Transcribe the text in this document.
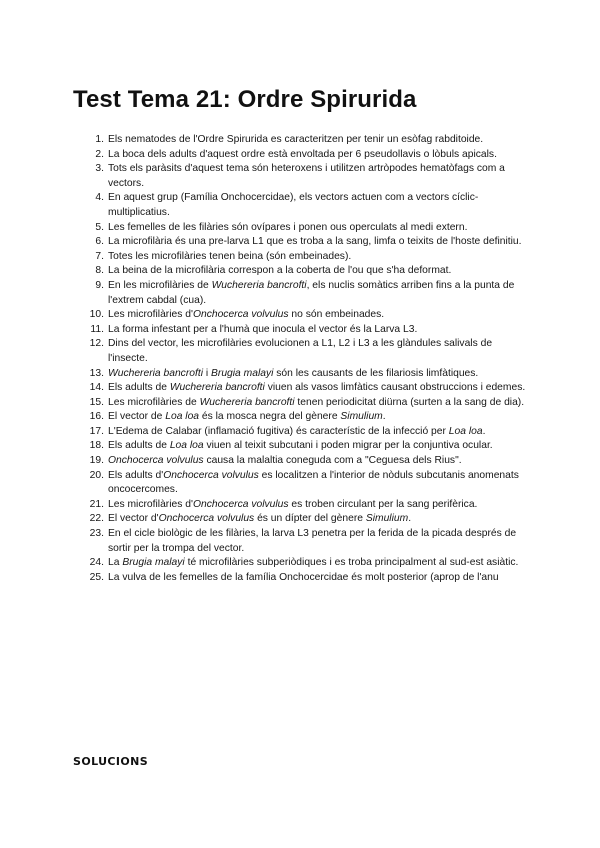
Test Tema 21: Ordre Spirurida
1 . Els nematodes de l'Ordre Spirurida es caracteritzen per tenir un esòfag rabditoide.
2 . La boca dels adults d'aquest ordre està envoltada per 6 pseudollavis o lòbuls apicals.
3 . Tots els paràsits d'aquest tema són heteroxens i utilitzen artròpodes hematòfags com a vectors.
4 . En aquest grup (Família Onchocercidae), els vectors actuen com a vectors cíclic-multiplicatius.
5 . Les femelles de les filàries són ovípares i ponen ous operculats al medi extern.
6 . La microfilària és una pre-larva L1 que es troba a la sang, limfa o teixits de l'hoste definitiu.
7 . Totes les microfilàries tenen beina (són embeinades).
8 . La beina de la microfilària correspon a la coberta de l'ou que s'ha deformat.
9 . En les microfilàries de Wuchereria bancrofti, els nuclis somàtics arriben fins a la punta de l'extrem cabdal (cua).
10 . Les microfilàries d'Onchocerca volvulus no són embeinades.
11 . La forma infestant per a l'humà que inocula el vector és la Larva L3.
12 . Dins del vector, les microfilàries evolucionen a L1, L2 i L3 a les glàndules salivals de l'insecte.
13 . Wuchereria bancrofti i Brugia malayi són les causants de les filariosis limfàtiques.
14 . Els adults de Wuchereria bancrofti viuen als vasos limfàtics causant obstruccions i edemes.
15 . Les microfilàries de Wuchereria bancrofti tenen periodicitat diürna (surten a la sang de dia).
16 . El vector de Loa loa és la mosca negra del gènere Simulium.
17 . L'Edema de Calabar (inflamació fugitiva) és característic de la infecció per Loa loa.
18 . Els adults de Loa loa viuen al teixit subcutani i poden migrar per la conjuntiva ocular.
19 . Onchocerca volvulus causa la malaltia coneguda com a "Ceguesa dels Rius".
20 . Els adults d'Onchocerca volvulus es localitzen a l'interior de nòduls subcutanis anomenats oncocercomes.
21 . Les microfilàries d'Onchocerca volvulus es troben circulant per la sang perifèrica.
22 . El vector d'Onchocerca volvulus és un dípter del gènere Simulium.
23 . En el cicle biològic de les filàries, la larva L3 penetra per la ferida de la picada després de sortir per la trompa del vector.
24 . La Brugia malayi té microfilàries subperiòdiques i es troba principalment al sud-est asiàtic.
25 . La vulva de les femelles de la família Onchocercidae és molt posterior (aprop de l'anu
SOLUCIONS
